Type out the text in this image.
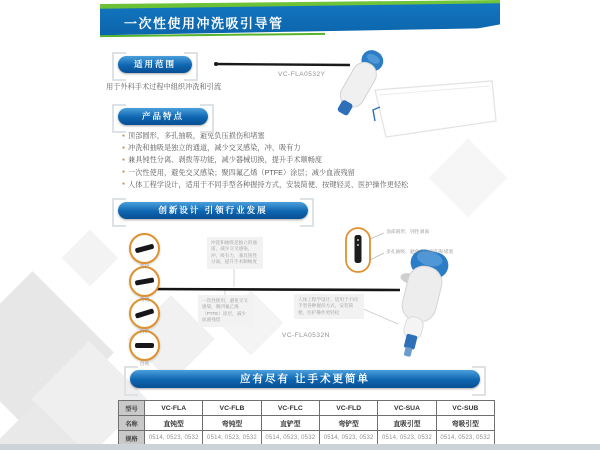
一次性使用冲洗吸引导管
适用范围
VC-FLA0532Y
用于外科手术过程中组织冲洗和引流
产品特点
● 顶部圆形，多孔抽吸，避免负压损伤和堵塞
● 冲洗和抽吸是独立的通道，减少交叉感染，冲、吸有力
● 兼具钝性分离、剥拨等功能，减少器械切换，提升手术顺畅度
● 一次性使用，避免交叉感染；聚四氟乙烯（PTFE）涂层；减少血液残留
● 人体工程学设计，适用于不同手型各种握持方式，安装简便、按键轻灵、医护操作更轻松
创新设计 引领行业发展
弯铲
弯钝
直铲
直钝
冲洗和抽吸是独立的通道，减少交叉感染，冲、吸有力，兼具钝性分离，提升手术顺畅度
一次性使用，避免交叉感染，聚四氟乙烯（PTFE）涂层，减少血液残留
人体工程学设计，适用于不同手型各种握持方式，安装简便，医护操作更轻松
顶部圆形，钝性剥离
多孔抽吸，避免负压损伤和堵塞
VC-FLA0532N
应有尽有 让手术更简单
型号	VC-FLA	VC-FLB	VC-FLC	VC-FLD	VC-SUA	VC-SUB
名称	直钝型	弯钝型	直铲型	弯铲型	直吸引型	弯吸引型
规格	0514, 0523, 0532	0514, 0523, 0532	0514, 0523, 0532	0514, 0523, 0532	0514, 0523, 0532	0514, 0523, 0532
